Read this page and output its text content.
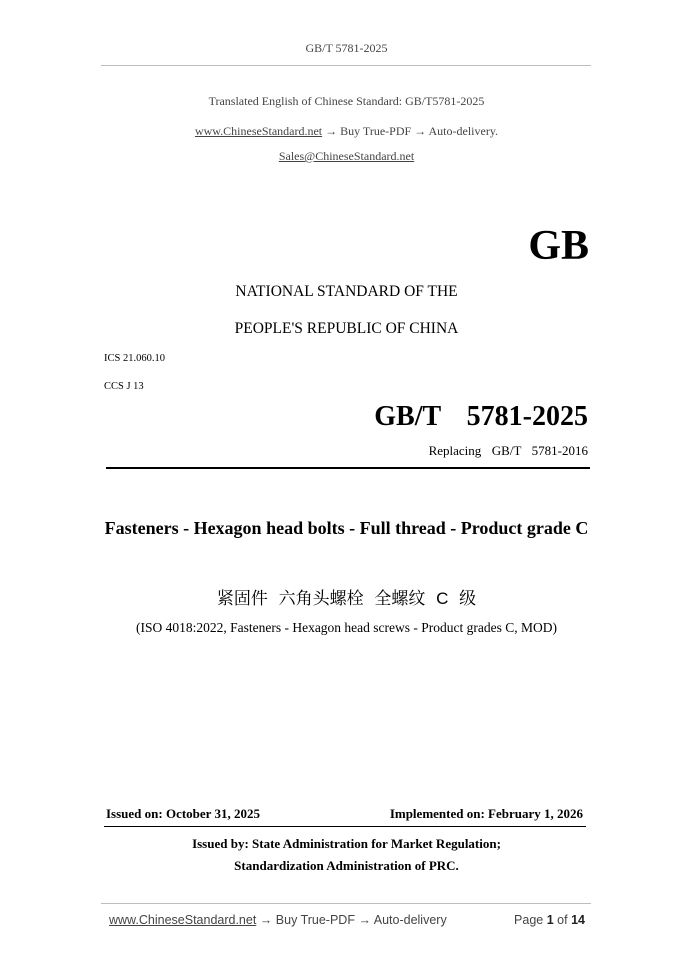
GB/T 5781-2025
Translated English of Chinese Standard: GB/T5781-2025
www.ChineseStandard.net → Buy True-PDF → Auto-delivery.
Sales@ChineseStandard.net
GB
NATIONAL STANDARD OF THE
PEOPLE'S REPUBLIC OF CHINA
ICS 21.060.10
CCS J 13
GB/T  5781-2025
Replacing  GB/T  5781-2016
Fasteners - Hexagon head bolts - Full thread - Product grade C
紧固件 六角头螺栓 全螺纹 C 级
(ISO 4018:2022, Fasteners - Hexagon head screws - Product grades C, MOD)
Issued on: October 31, 2025	Implemented on: February 1, 2026
Issued by: State Administration for Market Regulation;
Standardization Administration of PRC.
www.ChineseStandard.net → Buy True-PDF → Auto-delivery	Page 1 of 14
